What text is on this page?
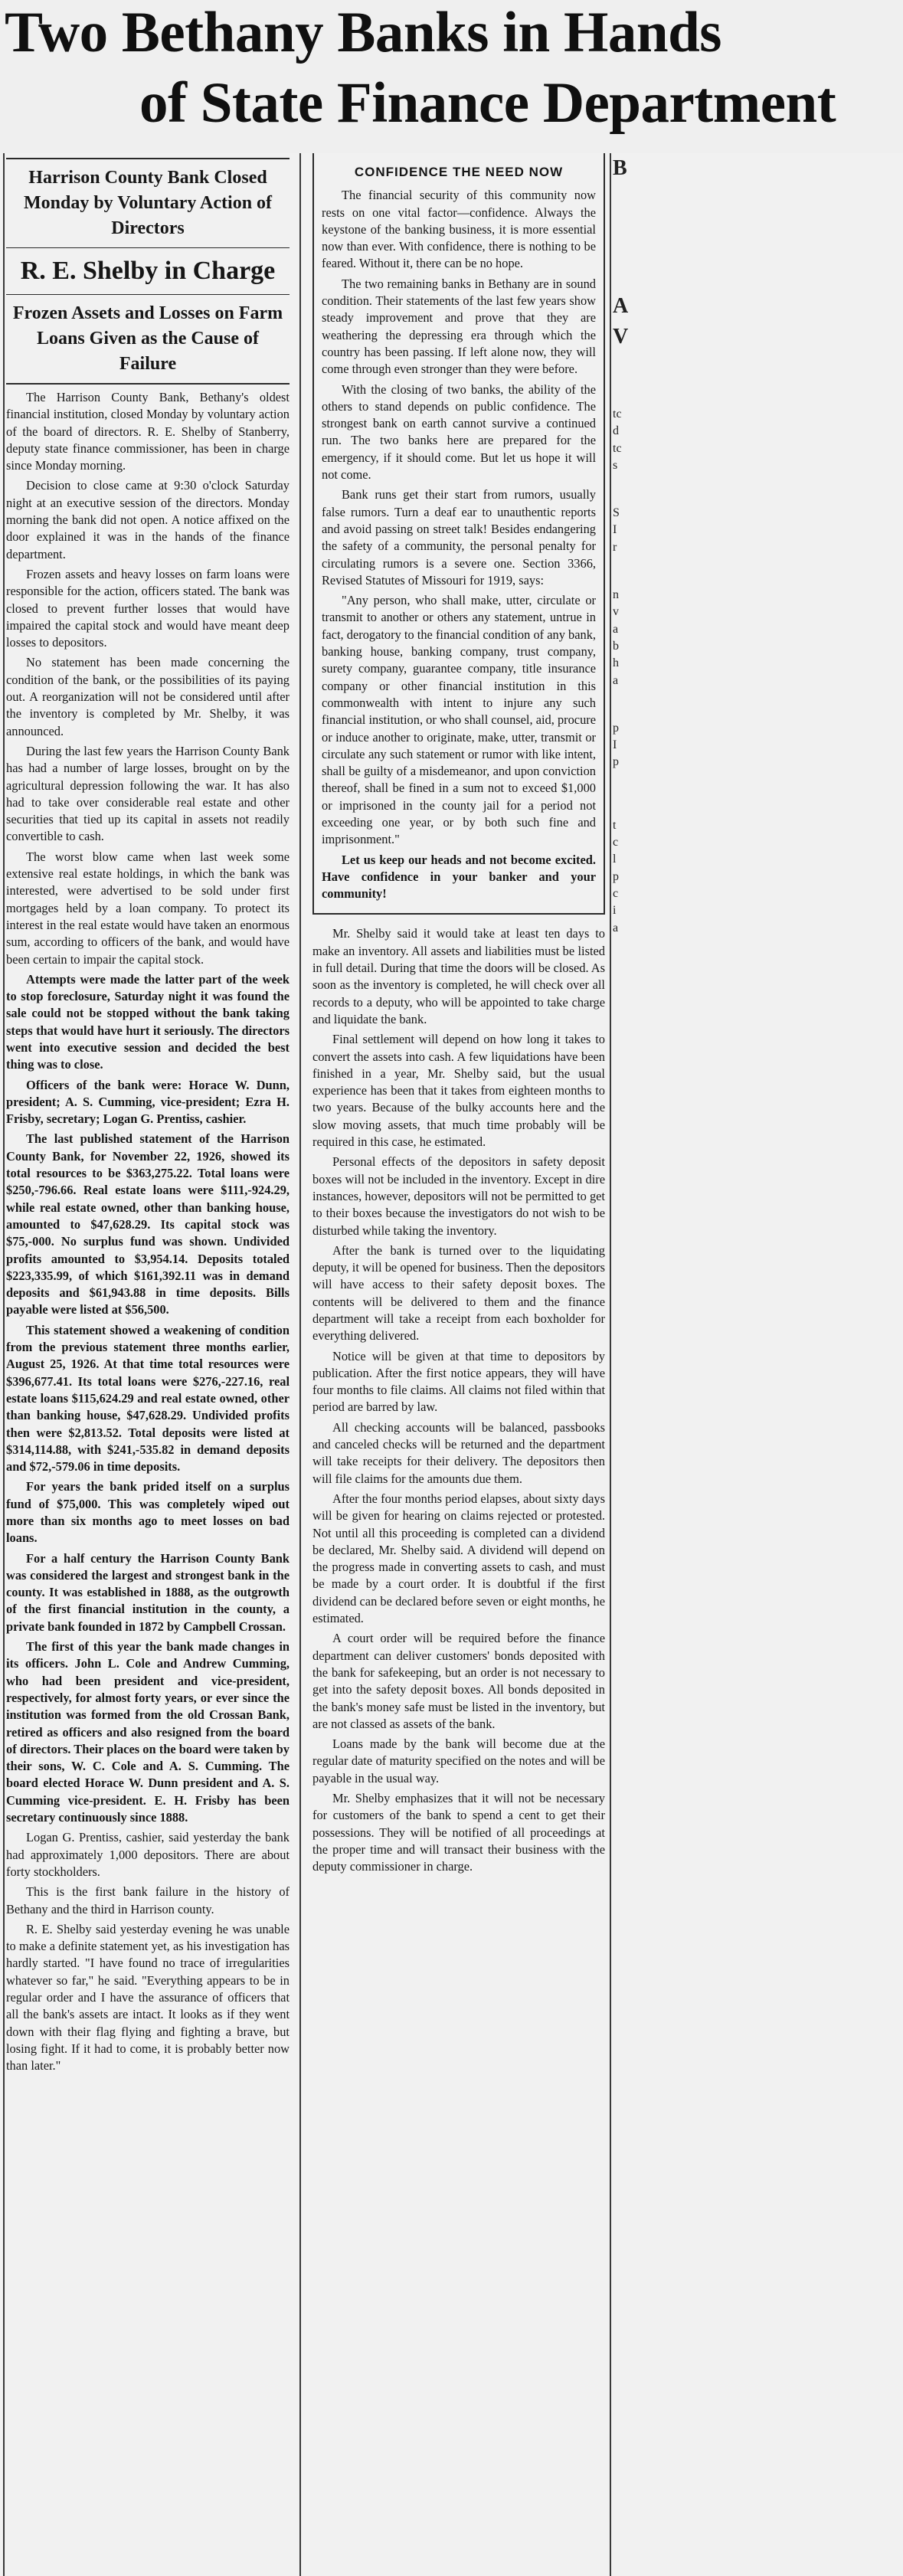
Two Bethany Banks in Hands
of State Finance Department
Harrison County Bank Closed Monday by Voluntary Action of Directors
R. E. Shelby in Charge
Frozen Assets and Losses on Farm Loans Given as the Cause of Failure

The Harrison County Bank, Bethany's oldest financial institution, closed Monday by voluntary action of the board of directors. R. E. Shelby of Stanberry, deputy state finance commissioner, has been in charge since Monday morning.

Decision to close came at 9:30 o'clock Saturday night at an executive session of the directors. Monday morning the bank did not open. A notice affixed on the door explained it was in the hands of the finance department.

Frozen assets and heavy losses on farm loans were responsible for the action, officers stated. The bank was closed to prevent further losses that would have impaired the capital stock and would have meant deep losses to depositors.

No statement has been made concerning the condition of the bank, or the possibilities of its paying out. A reorganization will not be considered until after the inventory is completed by Mr. Shelby, it was announced.

During the last few years the Harrison County Bank has had a number of large losses, brought on by the agricultural depression following the war. It has also had to take over considerable real estate and other securities that tied up its capital in assets not readily convertible to cash.

The worst blow came when last week some extensive real estate holdings, in which the bank was interested, were advertised to be sold under first mortgages held by a loan company. To protect its interest in the real estate would have taken an enormous sum, according to officers of the bank, and would have been certain to impair the capital stock.

Attempts were made the latter part of the week to stop foreclosure, Saturday night it was found the sale could not be stopped without the bank taking steps that would have hurt it seriously. The directors went into executive session and decided the best thing was to close.

Officers of the bank were: Horace W. Dunn, president; A. S. Cumming, vice-president; Ezra H. Frisby, secretary; Logan G. Prentiss, cashier.

The last published statement of the Harrison County Bank, for November 22, 1926, showed its total resources to be $363,275.22. Total loans were $250,-796.66. Real estate loans were $111,-924.29, while real estate owned, other than banking house, amounted to $47,628.29. Its capital stock was $75,-000. No surplus fund was shown. Undivided profits amounted to $3,954.14. Deposits totaled $223,335.99, of which $161,392.11 was in demand deposits and $61,943.88 in time deposits. Bills payable were listed at $56,500.

This statement showed a weakening of condition from the previous statement three months earlier, August 25, 1926. At that time total resources were $396,677.41. Its total loans were $276,-227.16, real estate loans $115,624.29 and real estate owned, other than banking house, $47,628.29. Undivided profits then were $2,813.52. Total deposits were listed at $314,114.88, with $241,-535.82 in demand deposits and $72,-579.06 in time deposits.

For years the bank prided itself on a surplus fund of $75,000. This was completely wiped out more than six months ago to meet losses on bad loans.

For a half century the Harrison County Bank was considered the largest and strongest bank in the county. It was established in 1888, as the outgrowth of the first financial institution in the county, a private bank founded in 1872 by Campbell Crossan.

The first of this year the bank made changes in its officers. John L. Cole and Andrew Cumming, who had been president and vice-president, respectively, for almost forty years, or ever since the institution was formed from the old Crossan Bank, retired as officers and also resigned from the board of directors. Their places on the board were taken by their sons, W. C. Cole and A. S. Cumming. The board elected Horace W. Dunn president and A. S. Cumming vice-president. E. H. Frisby has been secretary continuously since 1888.

Logan G. Prentiss, cashier, said yesterday the bank had approximately 1,000 depositors. There are about forty stockholders.

This is the first bank failure in the history of Bethany and the third in Harrison county.

R. E. Shelby said yesterday evening he was unable to make a definite statement yet, as his investigation has hardly started. "I have found no trace of irregularities whatever so far," he said. "Everything appears to be in regular order and I have the assurance of officers that all the bank's assets are intact. It looks as if they went down with their flag flying and fighting a brave, but losing fight. If it had to come, it is probably better now than later."

CONFIDENCE THE NEED NOW

The financial security of this community now rests on one vital factor—confidence. Always the keystone of the banking business, it is more essential now than ever. With confidence, there is nothing to be feared. Without it, there can be no hope.

The two remaining banks in Bethany are in sound condition. Their statements of the last few years show steady improvement and prove that they are weathering the depressing era through which the country has been passing. If left alone now, they will come through even stronger than they were before.

With the closing of two banks, the ability of the others to stand depends on public confidence. The strongest bank on earth cannot survive a continued run. The two banks here are prepared for the emergency, if it should come. But let us hope it will not come.

Bank runs get their start from rumors, usually false rumors. Turn a deaf ear to unauthentic reports and avoid passing on street talk! Besides endangering the safety of a community, the personal penalty for circulating rumors is a severe one. Section 3366, Revised Statutes of Missouri for 1919, says:

"Any person, who shall make, utter, circulate or transmit to another or others any statement, untrue in fact, derogatory to the financial condition of any bank, banking house, banking company, trust company, surety company, guarantee company, title insurance company or other financial institution in this commonwealth with intent to injure any such financial institution, or who shall counsel, aid, procure or induce another to originate, make, utter, transmit or circulate any such statement or rumor with like intent, shall be guilty of a misdemeanor, and upon conviction thereof, shall be fined in a sum not to exceed $1,000 or imprisoned in the county jail for a period not exceeding one year, or by both such fine and imprisonment."

Let us keep our heads and not become excited. Have confidence in your banker and your community!

Mr. Shelby said it would take at least ten days to make an inventory. All assets and liabilities must be listed in full detail. During that time the doors will be closed. As soon as the inventory is completed, he will check over all records to a deputy, who will be appointed to take charge and liquidate the bank.

Final settlement will depend on how long it takes to convert the assets into cash. A few liquidations have been finished in a year, Mr. Shelby said, but the usual experience has been that it takes from eighteen months to two years. Because of the bulky accounts here and the slow moving assets, that much time probably will be required in this case, he estimated.

Personal effects of the depositors in safety deposit boxes will not be included in the inventory. Except in dire instances, however, depositors will not be permitted to get to their boxes because the investigators do not wish to be disturbed while taking the inventory.

After the bank is turned over to the liquidating deputy, it will be opened for business. Then the depositors will have access to their safety deposit boxes. The contents will be delivered to them and the finance department will take a receipt from each boxholder for everything delivered.

Notice will be given at that time to depositors by publication. After the first notice appears, they will have four months to file claims. All claims not filed within that period are barred by law.

All checking accounts will be balanced, passbooks and canceled checks will be returned and the department will take receipts for their delivery. The depositors then will file claims for the amounts due them.

After the four months period elapses, about sixty days will be given for hearing on claims rejected or protested. Not until all this proceeding is completed can a dividend be declared, Mr. Shelby said. A dividend will depend on the progress made in converting assets to cash, and must be made by a court order. It is doubtful if the first dividend can be declared before seven or eight months, he estimated.

A court order will be required before the finance department can deliver customers' bonds deposited with the bank for safekeeping, but an order is not necessary to get into the safety deposit boxes. All bonds deposited in the bank's money safe must be listed in the inventory, but are not classed as assets of the bank.

Loans made by the bank will become due at the regular date of maturity specified on the notes and will be payable in the usual way.

Mr. Shelby emphasizes that it will not be necessary for customers of the bank to spend a cent to get their possessions. They will be notified of all proceedings at the proper time and will transact their business with the deputy commissioner in charge.

B
A
V
tc
d
tc
s
S
I
r
n
v
a
b
h
a
p
I
p
t
c
l
p
c
i
a
